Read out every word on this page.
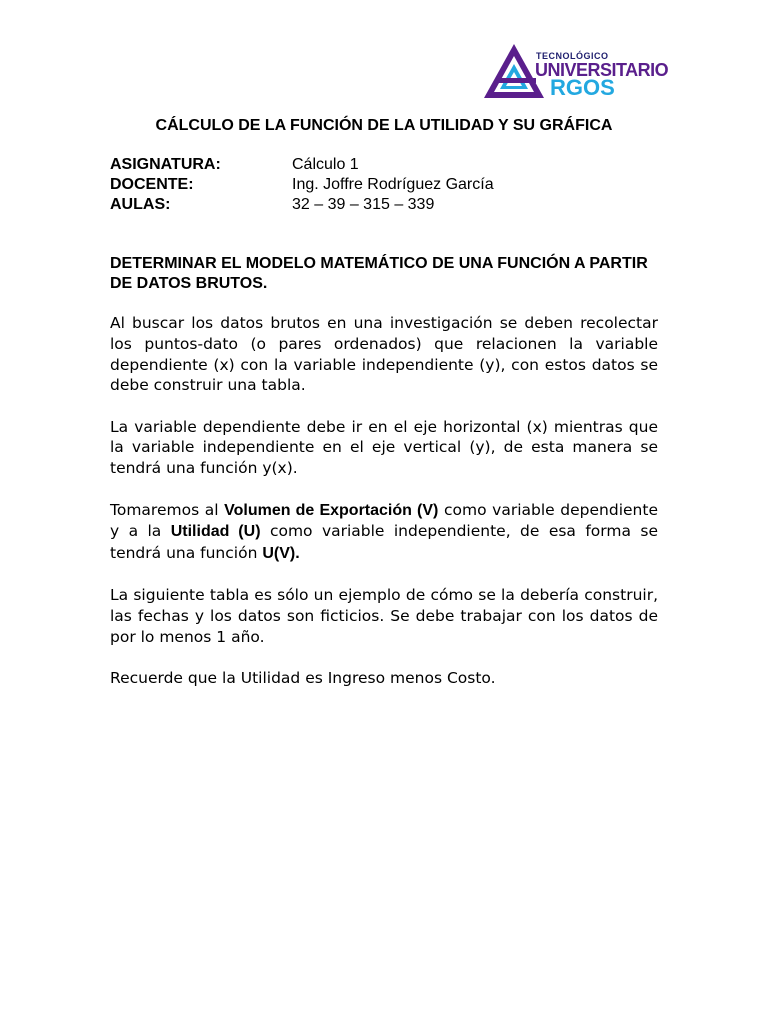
TECNOLÓGICO
UNIVERSITARIO
RGOS
CÁLCULO DE LA FUNCIÓN DE LA UTILIDAD Y SU GRÁFICA
ASIGNATURA:	Cálculo 1
DOCENTE:	Ing. Joffre Rodríguez García
AULAS:	32 – 39 – 315 – 339
DETERMINAR EL MODELO MATEMÁTICO DE UNA FUNCIÓN A PARTIR DE DATOS BRUTOS.

Al buscar los datos brutos en una investigación se deben recolectar los puntos-dato (o pares ordenados) que relacionen la variable dependiente (x) con la variable independiente (y), con estos datos se debe construir una tabla.

La variable dependiente debe ir en el eje horizontal (x) mientras que la variable independiente en el eje vertical (y), de esta manera se tendrá una función y(x).

Tomaremos al Volumen de Exportación (V) como variable dependiente y a la Utilidad (U) como variable independiente, de esa forma se tendrá una función U(V).

La siguiente tabla es sólo un ejemplo de cómo se la debería construir, las fechas y los datos son ficticios. Se debe trabajar con los datos de por lo menos 1 año.

Recuerde que la Utilidad es Ingreso menos Costo.
